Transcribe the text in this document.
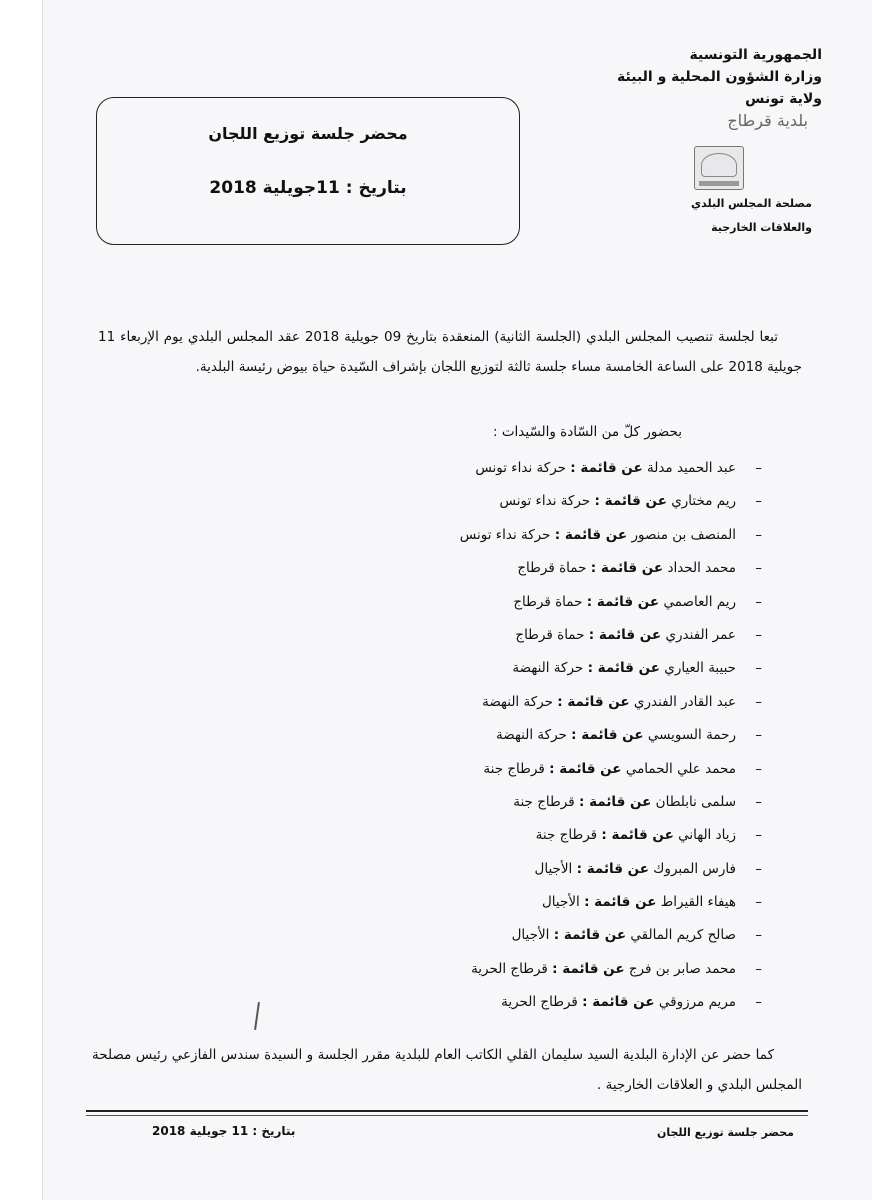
الجمهورية التونسية
وزارة الشؤون المحلية و البيئة
ولاية تونس
بلدية قرطاج
مصلحة المجلس البلدي
والعلاقات الخارجية
محضر جلسة توزيع اللجان
بتاريخ : 11جويلية 2018

تبعا لجلسة تنصيب المجلس البلدي (الجلسة الثانية) المنعقدة بتاريخ 09 جويلية 2018 عقد المجلس البلدي يوم الإربعاء 11 جويلية 2018 على الساعة الخامسة مساء جلسة ثالثة لتوزيع اللجان بإشراف السّيدة حياة بيوض رئيسة البلدية.

بحضور كلّ من السّادة والسّيدات :
–عبد الحميد مدلة عن قائمة : حركة نداء تونس
–ريم مختاري عن قائمة : حركة نداء تونس
–المنصف بن منصور عن قائمة : حركة نداء تونس
–محمد الحداد عن قائمة : حماة قرطاج
–ريم العاصمي عن قائمة : حماة قرطاج
–عمر الفندري عن قائمة : حماة قرطاج
–حبيبة العياري عن قائمة : حركة النهضة
–عبد القادر الفندري عن قائمة : حركة النهضة
–رحمة السويسي عن قائمة : حركة النهضة
–محمد علي الحمامي عن قائمة : قرطاج جنة
–سلمى نابلطان عن قائمة : قرطاج جنة
–زياد الهاني عن قائمة : قرطاج جنة
–فارس المبروك عن قائمة : الأجيال
–هيفاء القيراط عن قائمة : الأجيال
–صالح كريم المالقي عن قائمة : الأجيال
–محمد صابر بن فرج عن قائمة : قرطاج الحرية
–مريم مرزوقي عن قائمة : قرطاج الحرية

كما حضر عن الإدارة البلدية السيد سليمان القلي الكاتب العام للبلدية مقرر الجلسة و السيدة سندس الفازعي رئيس مصلحة المجلس البلدي و العلاقات الخارجية .

محضر جلسة توزيع اللجان
بتاريخ : 11 جويلية 2018
